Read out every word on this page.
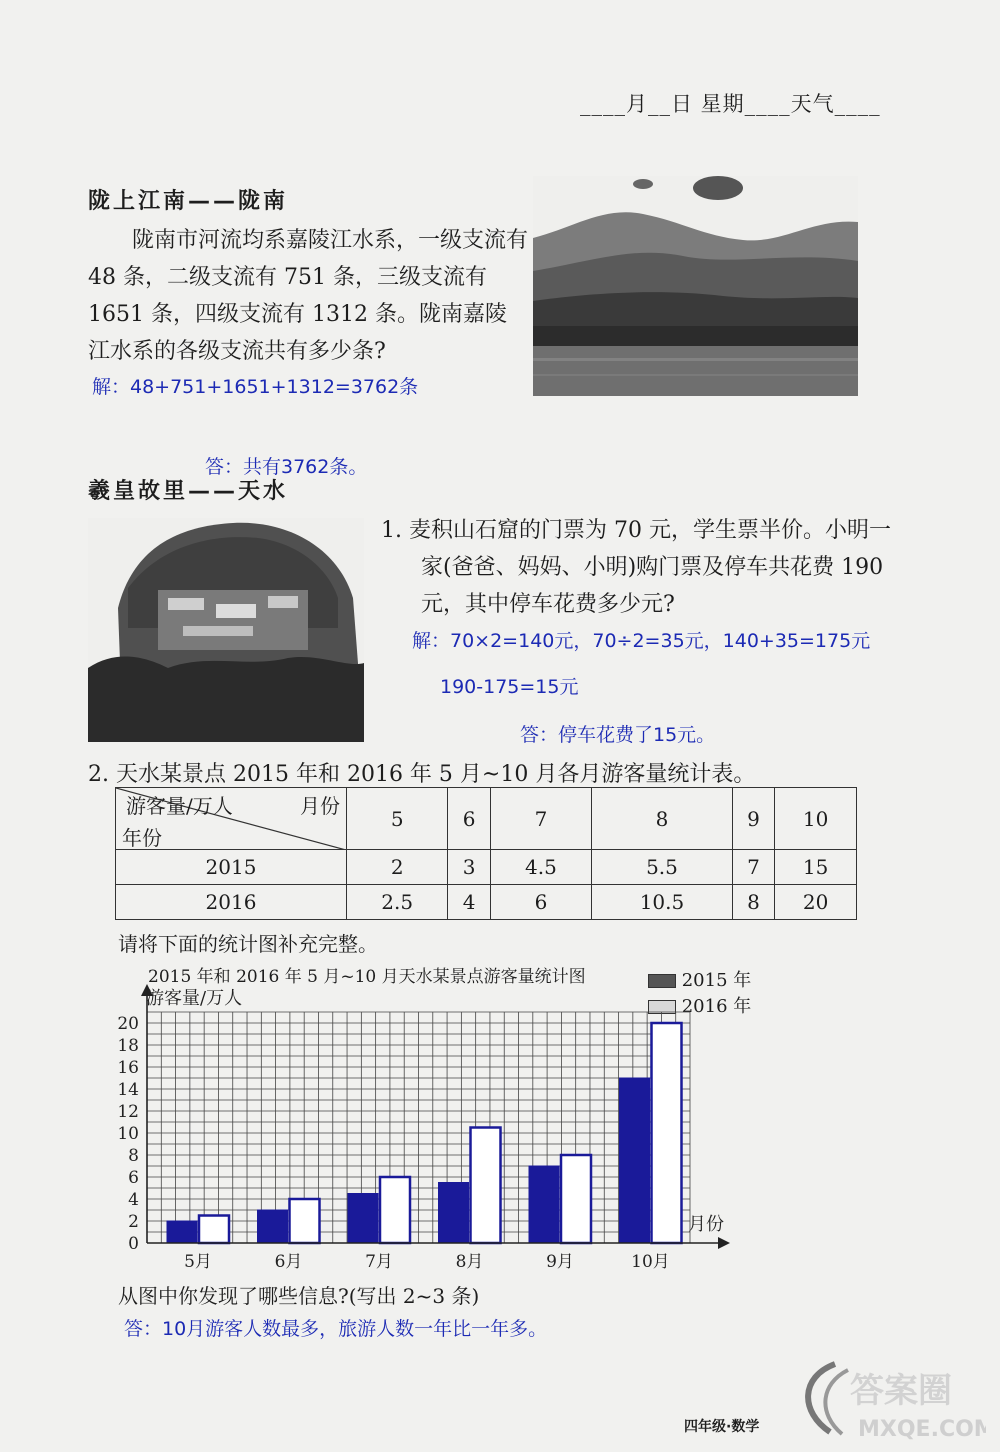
____月__日 星期____天气____
陇上江南——陇南
陇南市河流均系嘉陵江水系，一级支流有 48 条，二级支流有 751 条，三级支流有 1651 条，四级支流有 1312 条。陇南嘉陵江水系的各级支流共有多少条?
解：48+751+1651+1312=3762条
答：共有3762条。
羲皇故里——天水
1. 麦积山石窟的门票为 70 元，学生票半价。小明一家(爸爸、妈妈、小明)购门票及停车共花费 190 元，其中停车花费多少元?
解：70×2=140元，70÷2=35元，140+35=175元
190-175=15元
答：停车花费了15元。
2. 天水某景点 2015 年和 2016 年 5 月~10 月各月游客量统计表。
游客量/万人 月份
年份	5	6	7	8	9	10
2015	2	3	4.5	5.5	7	15
2016	2.5	4	6	10.5	8	20
请将下面的统计图补充完整。
2015 年和 2016 年 5 月~10 月天水某景点游客量统计图	2015 年
2016 年
5月	6月	7月	8月	9月	10月
0
2
4
6
8
10
12
14
16
18
20
游客量/万人
月份
从图中你发现了哪些信息?(写出 2~3 条)
答：10月游客人数最多，旅游人数一年比一年多。
答案圈
MXQE.COM
四年级·数学
